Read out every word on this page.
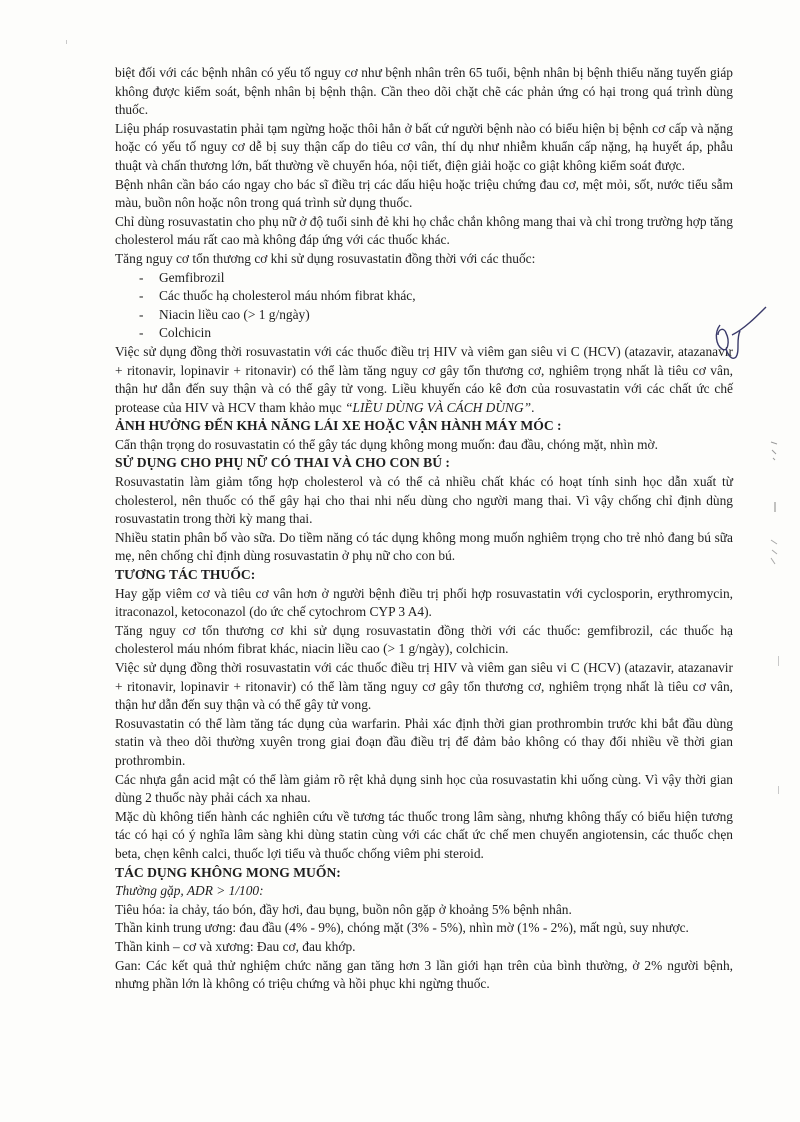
biệt đối với các bệnh nhân có yếu tố nguy cơ như bệnh nhân trên 65 tuổi, bệnh nhân bị bệnh thiểu năng tuyến giáp không được kiểm soát, bệnh nhân bị bệnh thận. Cần theo dõi chặt chẽ các phản ứng có hại trong quá trình dùng thuốc.

Liệu pháp rosuvastatin phải tạm ngừng hoặc thôi hẳn ở bất cứ người bệnh nào có biểu hiện bị bệnh cơ cấp và nặng hoặc có yếu tố nguy cơ dễ bị suy thận cấp do tiêu cơ vân, thí dụ như nhiễm khuẩn cấp nặng, hạ huyết áp, phẫu thuật và chấn thương lớn, bất thường về chuyển hóa, nội tiết, điện giải hoặc co giật không kiểm soát được.

Bệnh nhân cần báo cáo ngay cho bác sĩ điều trị các dấu hiệu hoặc triệu chứng đau cơ, mệt mỏi, sốt, nước tiểu sẫm màu, buồn nôn hoặc nôn trong quá trình sử dụng thuốc.

Chỉ dùng rosuvastatin cho phụ nữ ở độ tuổi sinh đẻ khi họ chắc chắn không mang thai và chỉ trong trường hợp tăng cholesterol máu rất cao mà không đáp ứng với các thuốc khác.

Tăng nguy cơ tổn thương cơ khi sử dụng rosuvastatin đồng thời với các thuốc:

- Gemfibrozil
- Các thuốc hạ cholesterol máu nhóm fibrat khác,
- Niacin liều cao (> 1 g/ngày)
- Colchicin

Việc sử dụng đồng thời rosuvastatin với các thuốc điều trị HIV và viêm gan siêu vi C (HCV) (atazavir, atazanavir + ritonavir, lopinavir + ritonavir) có thể làm tăng nguy cơ gây tổn thương cơ, nghiêm trọng nhất là tiêu cơ vân, thận hư dẫn đến suy thận và có thể gây tử vong. Liều khuyến cáo kê đơn của rosuvastatin với các chất ức chế protease của HIV và HCV tham khảo mục “LIỀU DÙNG VÀ CÁCH DÙNG”.

ẢNH HƯỞNG ĐẾN KHẢ NĂNG LÁI XE HOẶC VẬN HÀNH MÁY MÓC :

Cẩn thận trọng do rosuvastatin có thể gây tác dụng không mong muốn: đau đầu, chóng mặt, nhìn mờ.

SỬ DỤNG CHO PHỤ NỮ CÓ THAI VÀ CHO CON BÚ :

Rosuvastatin làm giảm tổng hợp cholesterol và có thể cả nhiều chất khác có hoạt tính sinh học dẫn xuất từ cholesterol, nên thuốc có thể gây hại cho thai nhi nếu dùng cho người mang thai. Vì vậy chống chỉ định dùng rosuvastatin trong thời kỳ mang thai.

Nhiều statin phân bố vào sữa. Do tiềm năng có tác dụng không mong muốn nghiêm trọng cho trẻ nhỏ đang bú sữa mẹ, nên chống chỉ định dùng rosuvastatin ở phụ nữ cho con bú.

TƯƠNG TÁC THUỐC:

Hay gặp viêm cơ và tiêu cơ vân hơn ở người bệnh điều trị phối hợp rosuvastatin với cyclosporin, erythromycin, itraconazol, ketoconazol (do ức chế cytochrom CYP 3 A4).

Tăng nguy cơ tổn thương cơ khi sử dụng rosuvastatin đồng thời với các thuốc: gemfibrozil, các thuốc hạ cholesterol máu nhóm fibrat khác, niacin liều cao (> 1 g/ngày), colchicin.

Việc sử dụng đồng thời rosuvastatin với các thuốc điều trị HIV và viêm gan siêu vi C (HCV) (atazavir, atazanavir + ritonavir, lopinavir + ritonavir) có thể làm tăng nguy cơ gây tổn thương cơ, nghiêm trọng nhất là tiêu cơ vân, thận hư dẫn đến suy thận và có thể gây tử vong.

Rosuvastatin có thể làm tăng tác dụng của warfarin. Phải xác định thời gian prothrombin trước khi bắt đầu dùng statin và theo dõi thường xuyên trong giai đoạn đầu điều trị để đảm bảo không có thay đổi nhiều về thời gian prothrombin.

Các nhựa gắn acid mật có thể làm giảm rõ rệt khả dụng sinh học của rosuvastatin khi uống cùng. Vì vậy thời gian dùng 2 thuốc này phải cách xa nhau.

Mặc dù không tiến hành các nghiên cứu về tương tác thuốc trong lâm sàng, nhưng không thấy có biểu hiện tương tác có hại có ý nghĩa lâm sàng khi dùng statin cùng với các chất ức chế men chuyển angiotensin, các thuốc chẹn beta, chẹn kênh calci, thuốc lợi tiểu và thuốc chống viêm phi steroid.

TÁC DỤNG KHÔNG MONG MUỐN:

Thường gặp, ADR > 1/100:

Tiêu hóa: ỉa chảy, táo bón, đầy hơi, đau bụng, buồn nôn gặp ở khoảng 5% bệnh nhân.

Thần kinh trung ương: đau đầu (4% - 9%), chóng mặt (3% - 5%), nhìn mờ (1% - 2%), mất ngủ, suy nhược.

Thần kinh – cơ và xương: Đau cơ, đau khớp.

Gan: Các kết quả thử nghiệm chức năng gan tăng hơn 3 lần giới hạn trên của bình thường, ở 2% người bệnh, nhưng phần lớn là không có triệu chứng và hồi phục khi ngừng thuốc.
